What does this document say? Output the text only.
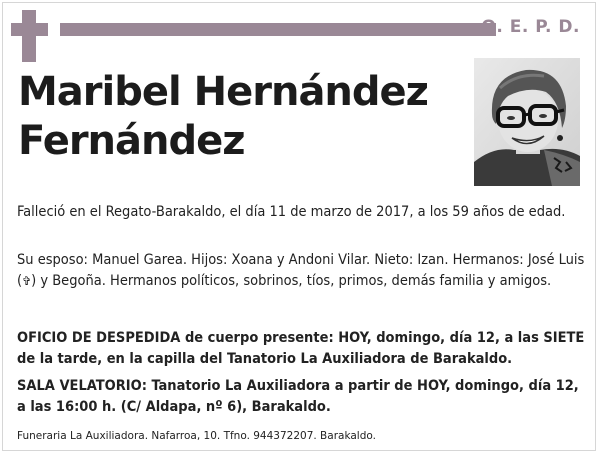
Q. E. P. D.
Maribel Hernández
Fernández
Falleció en el Regato-Barakaldo, el día 11 de marzo de 2017, a los 59 años de edad.
Su esposo: Manuel Garea. Hijos: Xoana y Andoni Vilar. Nieto: Izan. Hermanos: José Luis (✞) y Begoña. Hermanos políticos, sobrinos, tíos, primos, demás familia y amigos.
OFICIO DE DESPEDIDA de cuerpo presente: HOY, domingo, día 12, a las SIETE de la tarde, en la capilla del Tanatorio La Auxiliadora de Barakaldo.
SALA VELATORIO: Tanatorio La Auxiliadora a partir de HOY, domingo, día 12, a las 16:00 h. (C/ Aldapa, nº 6), Barakaldo.
Funeraria La Auxiliadora. Nafarroa, 10. Tfno. 944372207. Barakaldo.
